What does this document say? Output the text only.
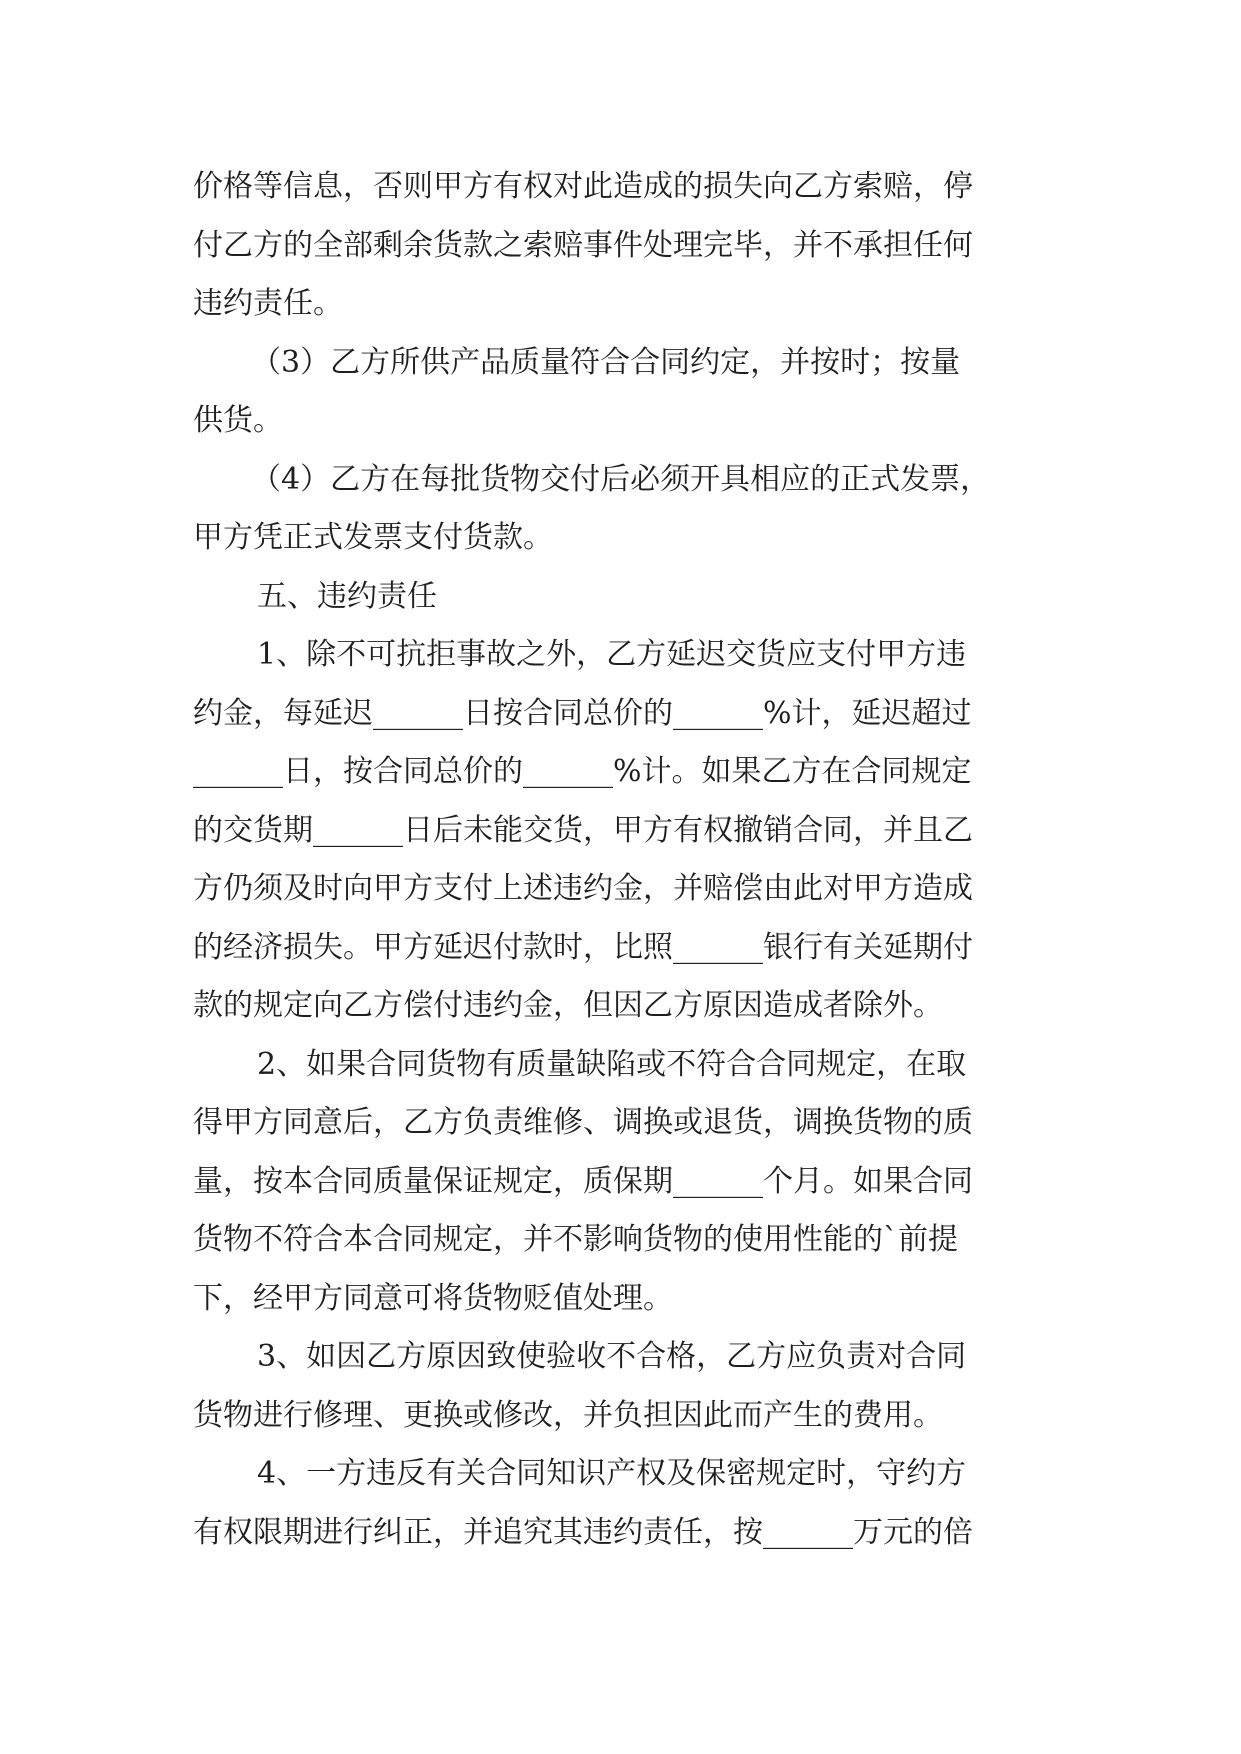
价格等信息，否则甲方有权对此造成的损失向乙方索赔，停
付乙方的全部剩余货款之索赔事件处理完毕，并不承担任何
违约责任。
（3）乙方所供产品质量符合合同约定，并按时；按量
供货。
（4）乙方在每批货物交付后必须开具相应的正式发票，
甲方凭正式发票支付货款。
五、违约责任
1、除不可抗拒事故之外，乙方延迟交货应支付甲方违
约金，每延迟______日按合同总价的______%计，延迟超过
______日，按合同总价的______%计。如果乙方在合同规定
的交货期______日后未能交货，甲方有权撤销合同，并且乙
方仍须及时向甲方支付上述违约金，并赔偿由此对甲方造成
的经济损失。甲方延迟付款时，比照______银行有关延期付
款的规定向乙方偿付违约金，但因乙方原因造成者除外。
2、如果合同货物有质量缺陷或不符合合同规定，在取
得甲方同意后，乙方负责维修、调换或退货，调换货物的质
量，按本合同质量保证规定，质保期______个月。如果合同
货物不符合本合同规定，并不影响货物的使用性能的`前提
下，经甲方同意可将货物贬值处理。
3、如因乙方原因致使验收不合格，乙方应负责对合同
货物进行修理、更换或修改，并负担因此而产生的费用。
4、一方违反有关合同知识产权及保密规定时，守约方
有权限期进行纠正，并追究其违约责任，按______万元的倍
